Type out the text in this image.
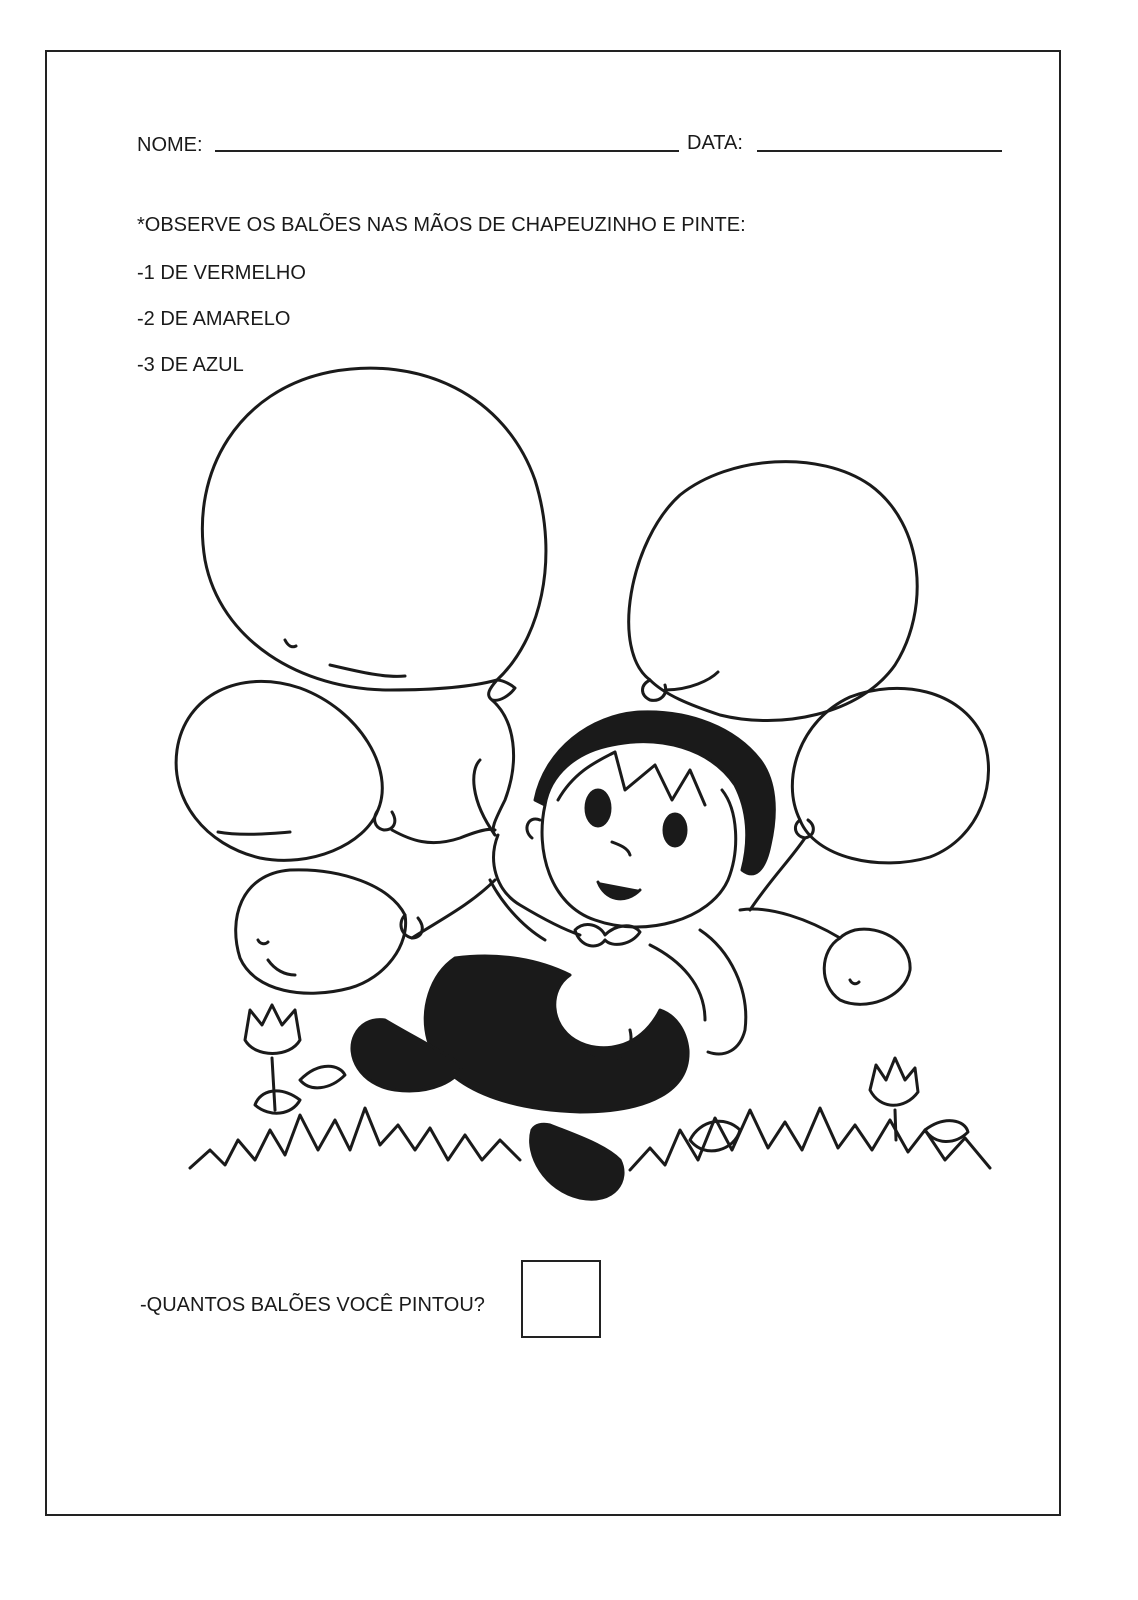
NOME:	DATA:
*OBSERVE OS BALÕES NAS MÃOS DE CHAPEUZINHO E PINTE:
-1 DE VERMELHO
-2 DE AMARELO
-3 DE AZUL
-QUANTOS BALÕES VOCÊ PINTOU?
